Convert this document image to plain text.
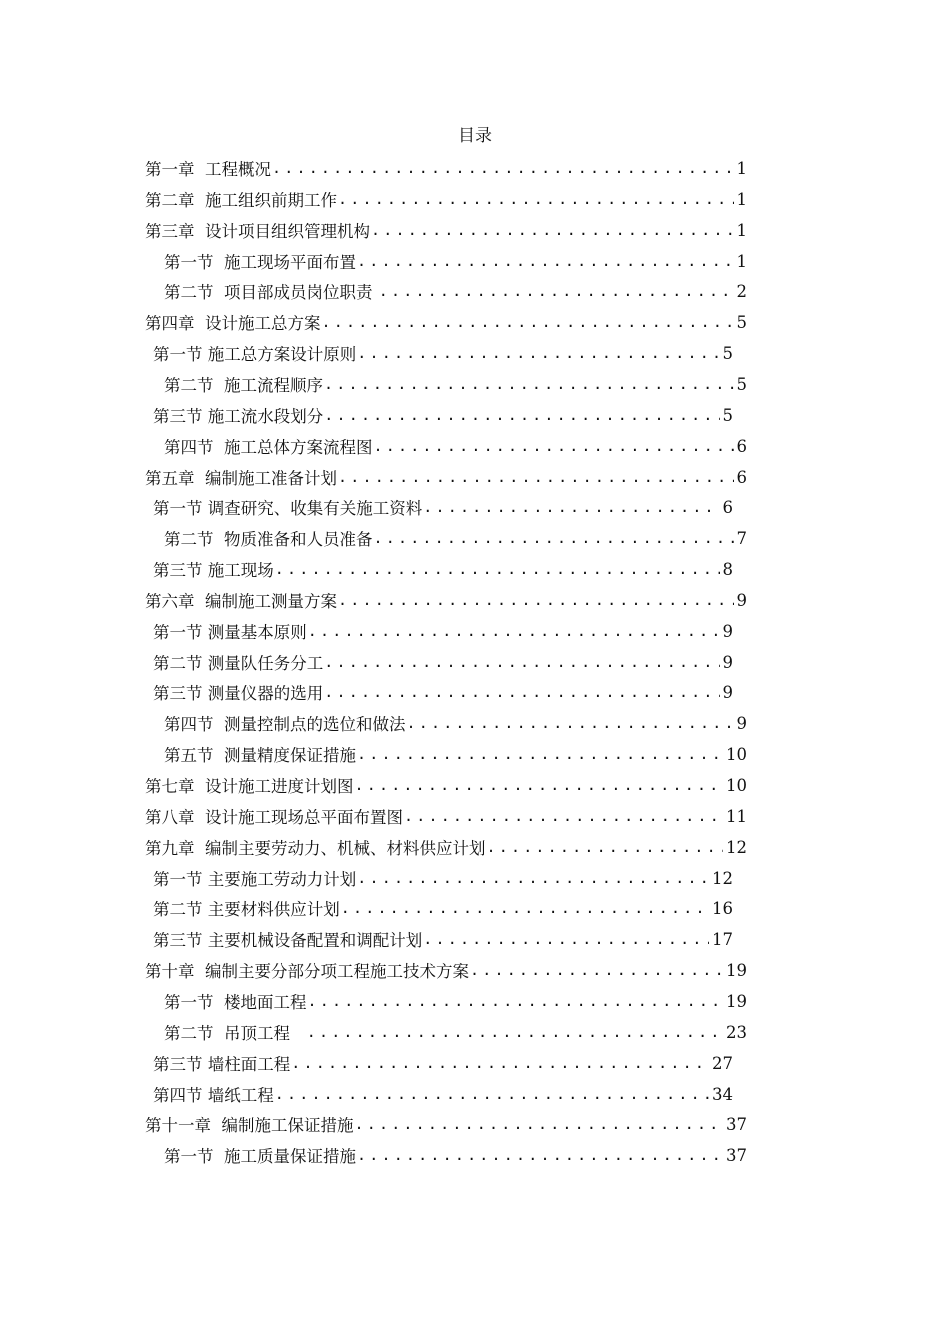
目录
第一章  工程概况 .....	1
第二章  施工组织前期工作 .....	1
第三章  设计项目组织管理机构 .....	1
第一节  施工现场平面布置 .....	1
第二节  项目部成员岗位职责 .....	2
第四章  设计施工总方案 .....	5
第一节 施工总方案设计原则 .....	5
第二节  施工流程顺序 .....	5
第三节 施工流水段划分 .....	5
第四节  施工总体方案流程图 .....	6
第五章  编制施工准备计划 .....	6
第一节 调查研究、收集有关施工资料 .....	6
第二节  物质准备和人员准备 .....	7
第三节 施工现场 .....	8
第六章  编制施工测量方案 .....	9
第一节 测量基本原则 .....	9
第二节 测量队任务分工 .....	9
第三节 测量仪器的选用 .....	9
第四节  测量控制点的选位和做法 .....	9
第五节  测量精度保证措施 .....	10
第七章  设计施工进度计划图 .....	10
第八章  设计施工现场总平面布置图 .....	11
第九章  编制主要劳动力、机械、材料供应计划 .....	12
第一节 主要施工劳动力计划 .....	12
第二节 主要材料供应计划 .....	16
第三节 主要机械设备配置和调配计划 .....	17
第十章  编制主要分部分项工程施工技术方案 .....	19
第一节  楼地面工程 .....	19
第二节  吊顶工程 .....	23
第三节 墙柱面工程 .....	27
第四节 墙纸工程 .....	34
第十一章  编制施工保证措施 .....	37
第一节  施工质量保证措施 .....	37
